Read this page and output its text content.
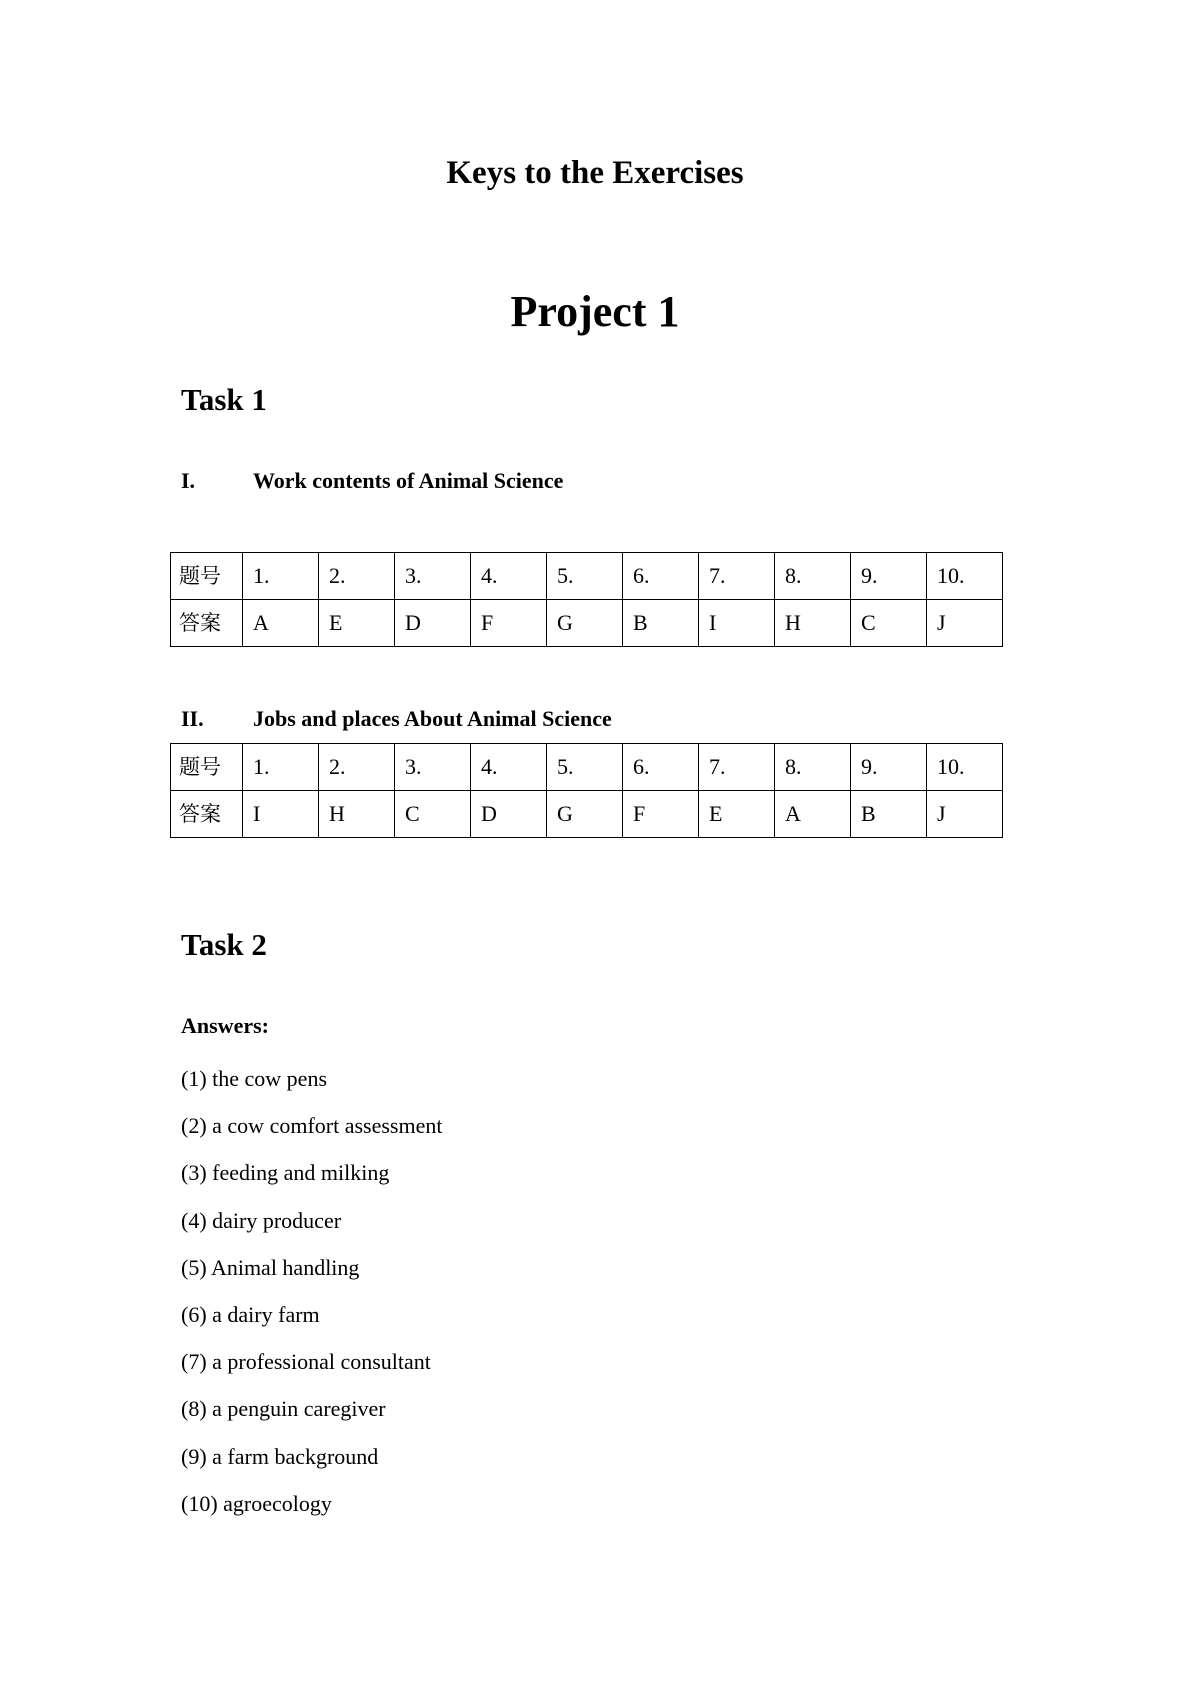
Keys to the Exercises
Project 1
Task 1
I.	Work contents of Animal Science
题号	1.	2.	3.	4.	5.	6.	7.	8.	9.	10.
答案	A	E	D	F	G	B	I	H	C	J
II. Jobs and places About Animal Science
题号	1.	2.	3.	4.	5.	6.	7.	8.	9.	10.
答案	I	H	C	D	G	F	E	A	B	J
Task 2
Answers:
(1) the cow pens
(2) a cow comfort assessment
(3) feeding and milking
(4) dairy producer
(5) Animal handling
(6) a dairy farm
(7) a professional consultant
(8) a penguin caregiver
(9) a farm background
(10) agroecology
